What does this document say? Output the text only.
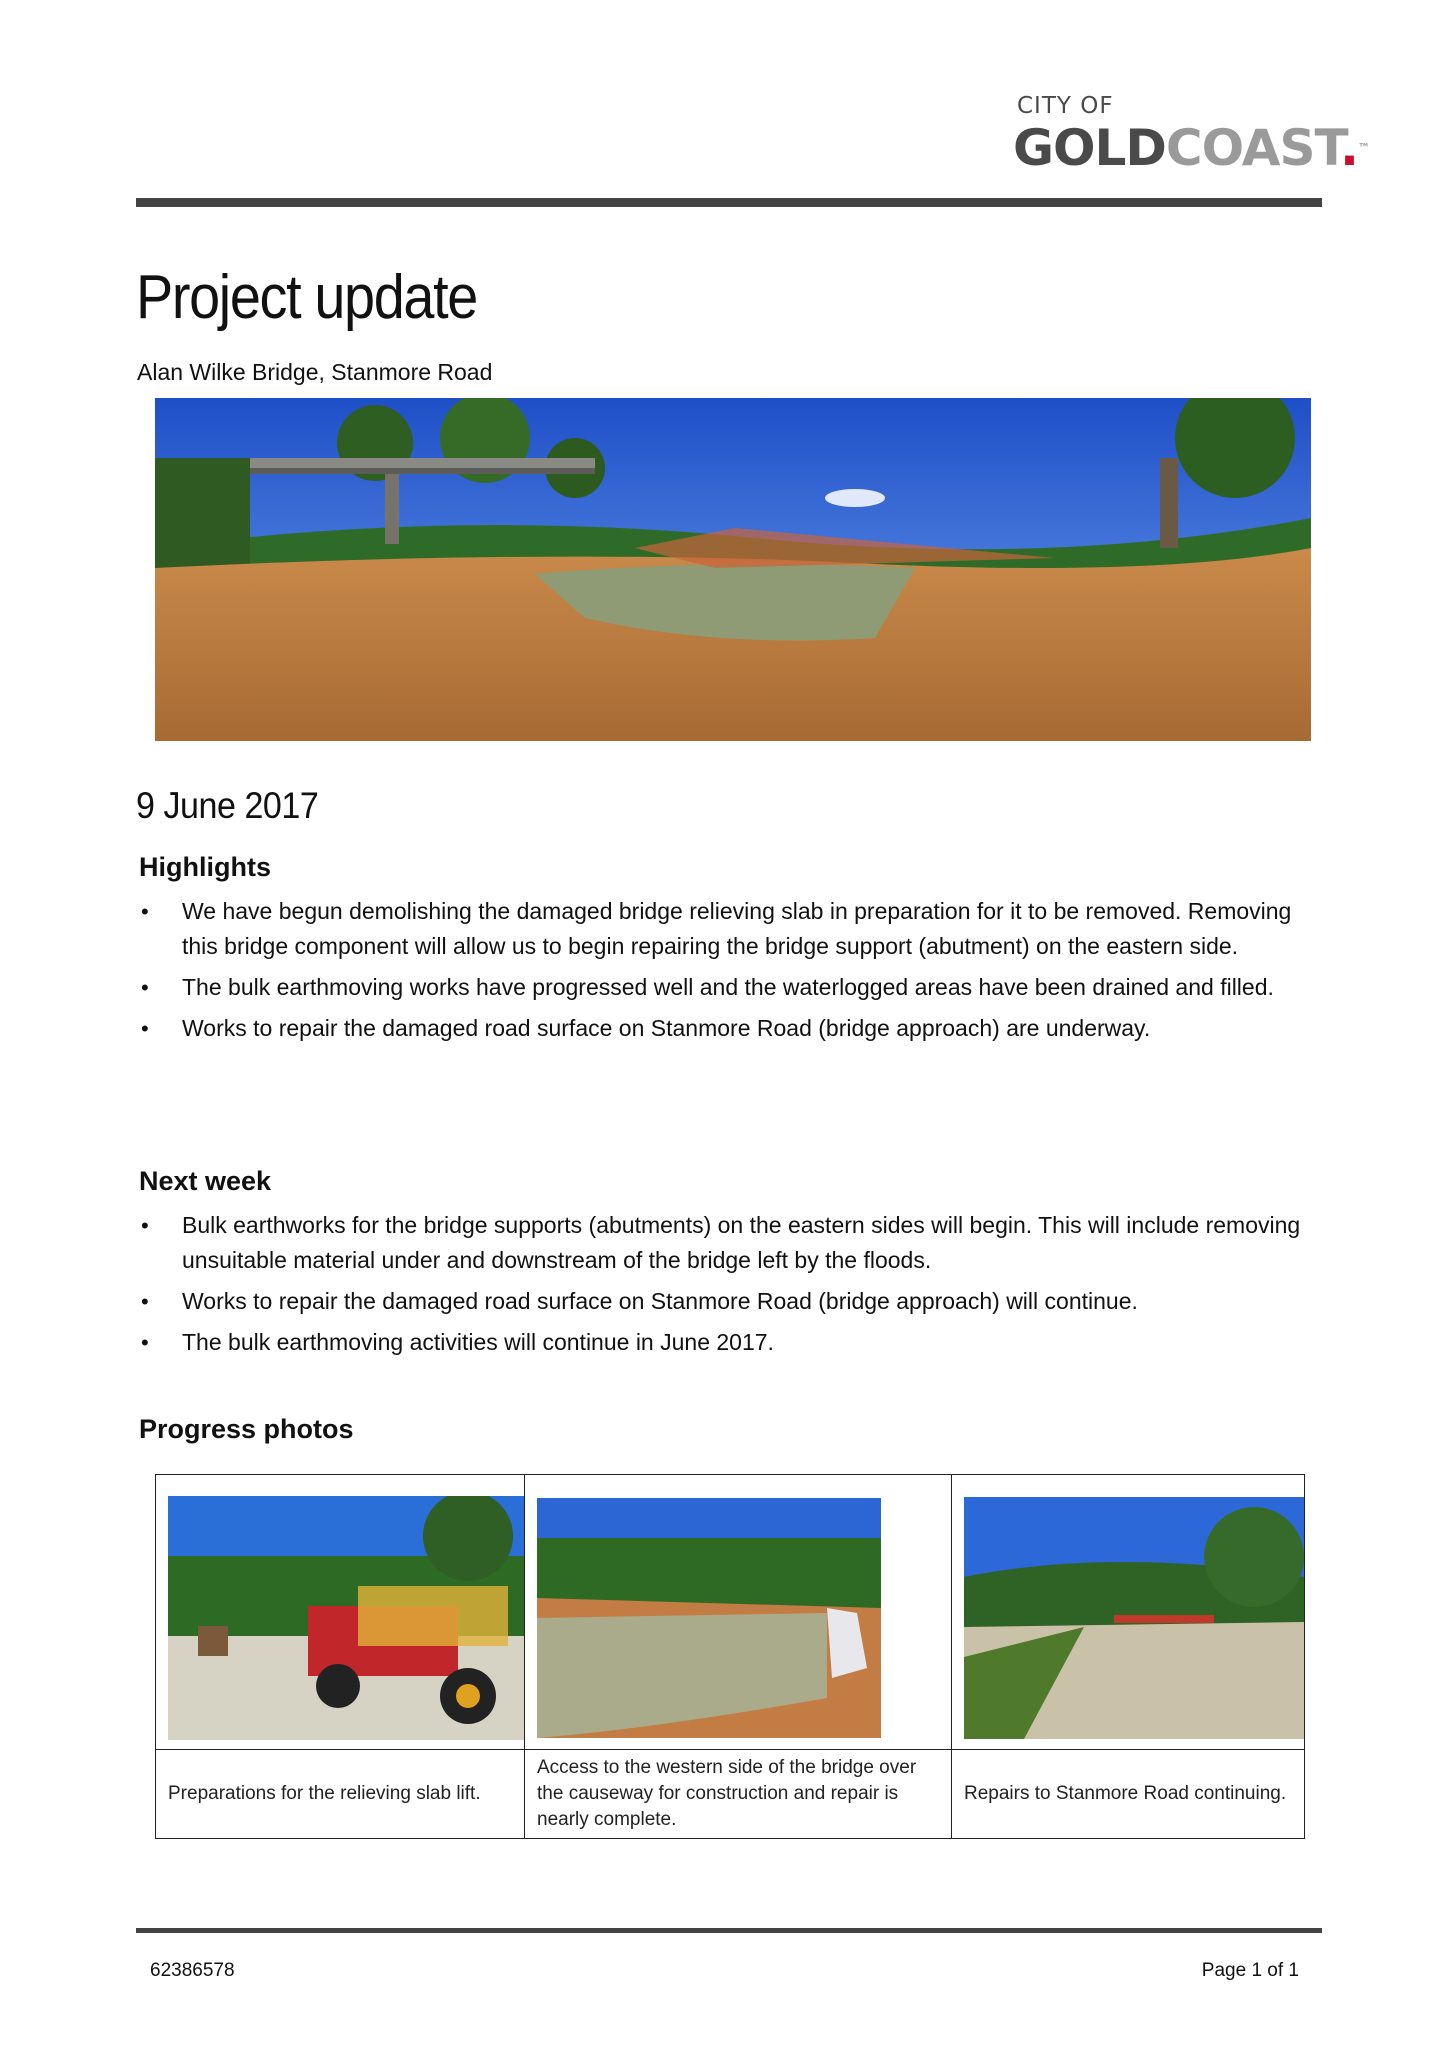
CITY OF
GOLDCOAST.™
Project update
Alan Wilke Bridge, Stanmore Road
9 June 2017
Highlights
• We have begun demolishing the damaged bridge relieving slab in preparation for it to be removed. Removing this bridge component will allow us to begin repairing the bridge support (abutment) on the eastern side.
• The bulk earthmoving works have progressed well and the waterlogged areas have been drained and filled.
• Works to repair the damaged road surface on Stanmore Road (bridge approach) are underway.
Next week
• Bulk earthworks for the bridge supports (abutments) on the eastern sides will begin. This will include removing unsuitable material under and downstream of the bridge left by the floods.
• Works to repair the damaged road surface on Stanmore Road (bridge approach) will continue.
• The bulk earthmoving activities will continue in June 2017.
Progress photos

Preparations for the relieving slab lift.	Access to the western side of the bridge over the causeway for construction and repair is nearly complete.	Repairs to Stanmore Road continuing.
62386578	Page 1 of 1
